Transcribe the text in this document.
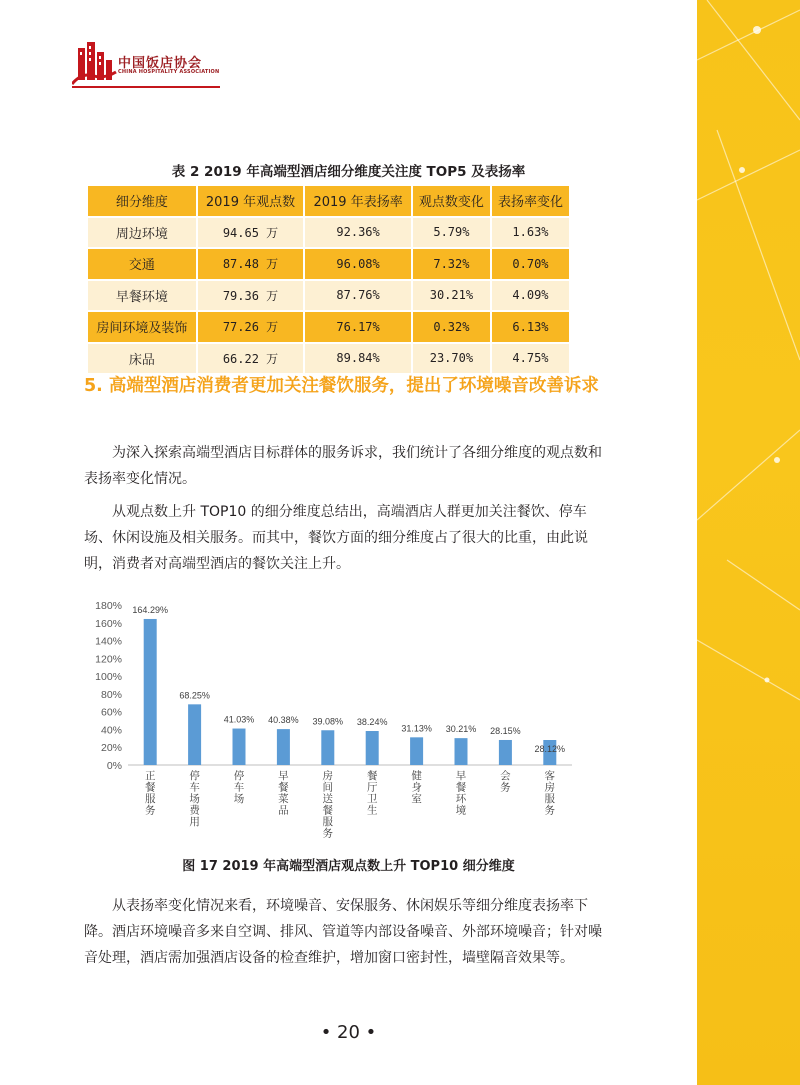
中国饭店协会
CHINA HOSPITALITY ASSOCIATION
表 2 2019 年高端型酒店细分维度关注度 TOP5 及表扬率
细分维度	2019 年观点数	2019 年表扬率	观点数变化	表扬率变化
周边环境	94.65 万	92.36%	5.79%	1.63%
交通	87.48 万	96.08%	7.32%	0.70%
早餐环境	79.36 万	87.76%	30.21%	4.09%
房间环境及装饰	77.26 万	76.17%	0.32%	6.13%
床品	66.22 万	89.84%	23.70%	4.75%
5. 高端型酒店消费者更加关注餐饮服务，提出了环境噪音改善诉求
为深入探索高端型酒店目标群体的服务诉求，我们统计了各细分维度的观点数和表扬率变化情况。
从观点数上升 TOP10 的细分维度总结出，高端酒店人群更加关注餐饮、停车场、休闲设施及相关服务。而其中，餐饮方面的细分维度占了很大的比重，由此说明，消费者对高端型酒店的餐饮关注上升。
0%
20%
40%
60%
80%
100%
120%
140%
160%
180% 164.29%
正餐服务
68.25%
停车场费用
41.03%
停车场
40.38%
早餐菜品
39.08%
房间送餐服务
38.24%
餐厅卫生
31.13%
健身室
30.21%
早餐环境
28.15%
会务
28.12%
客房服务
图 17 2019 年高端型酒店观点数上升 TOP10 细分维度
从表扬率变化情况来看，环境噪音、安保服务、休闲娱乐等细分维度表扬率下降。酒店环境噪音多来自空调、排风、管道等内部设备噪音、外部环境噪音；针对噪音处理，酒店需加强酒店设备的检查维护，增加窗口密封性，墙壁隔音效果等。
• 20 •
